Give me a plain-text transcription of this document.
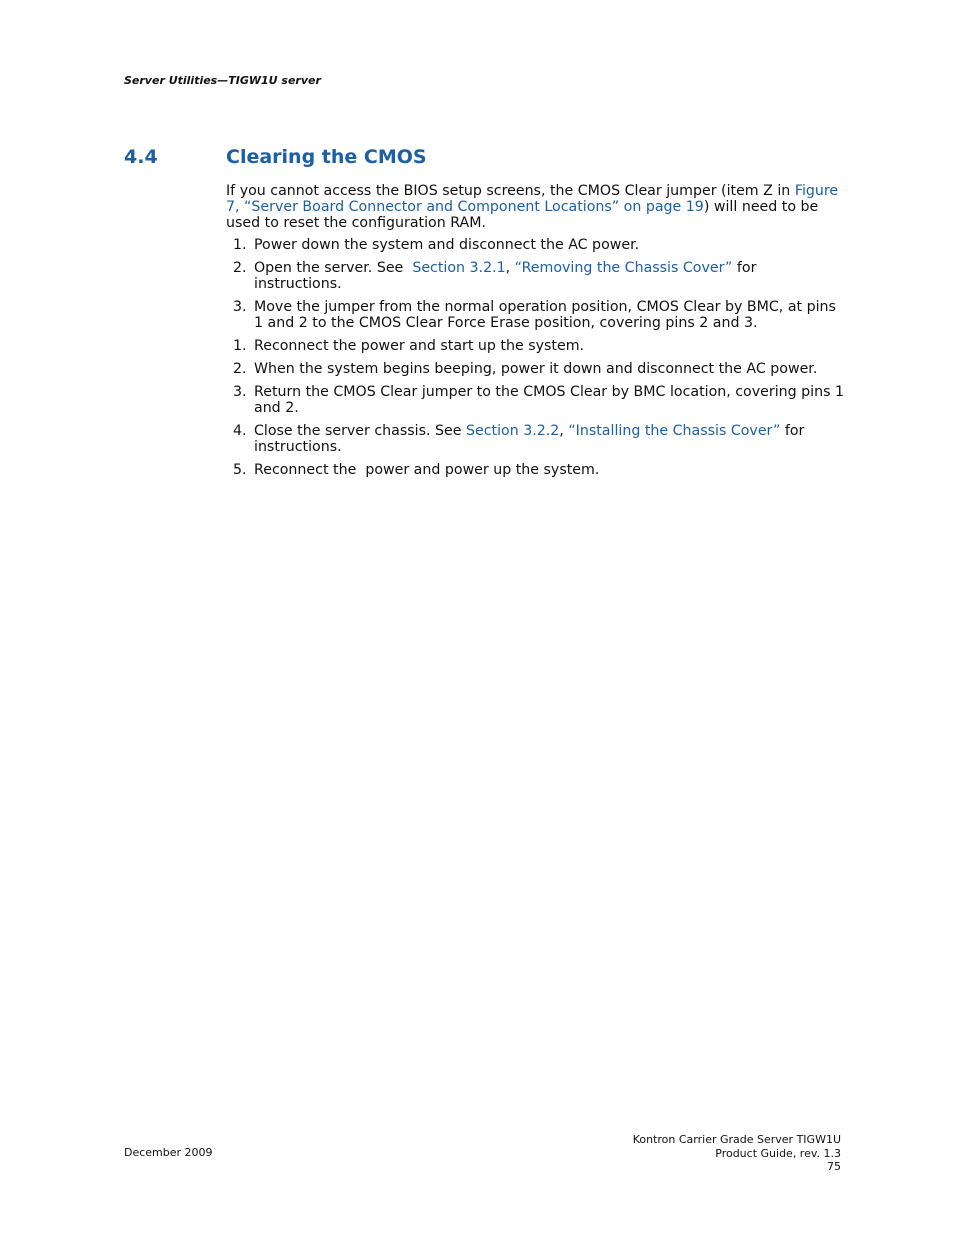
Server Utilities—TIGW1U server
4.4	Clearing the CMOS
If you cannot access the BIOS setup screens, the CMOS Clear jumper (item Z in Figure 7, “Server Board Connector and Component Locations” on page 19) will need to be used to reset the configuration RAM.
1. Power down the system and disconnect the AC power.
2. Open the server. See  Section 3.2.1, “Removing the Chassis Cover” for instructions.
3. Move the jumper from the normal operation position, CMOS Clear by BMC, at pins 1 and 2 to the CMOS Clear Force Erase position, covering pins 2 and 3.
1. Reconnect the power and start up the system.
2. When the system begins beeping, power it down and disconnect the AC power.
3. Return the CMOS Clear jumper to the CMOS Clear by BMC location, covering pins 1 and 2.
4. Close the server chassis. See Section 3.2.2, “Installing the Chassis Cover” for instructions.
5. Reconnect the  power and power up the system.
December 2009
Kontron Carrier Grade Server TIGW1U
Product Guide, rev. 1.3
75
